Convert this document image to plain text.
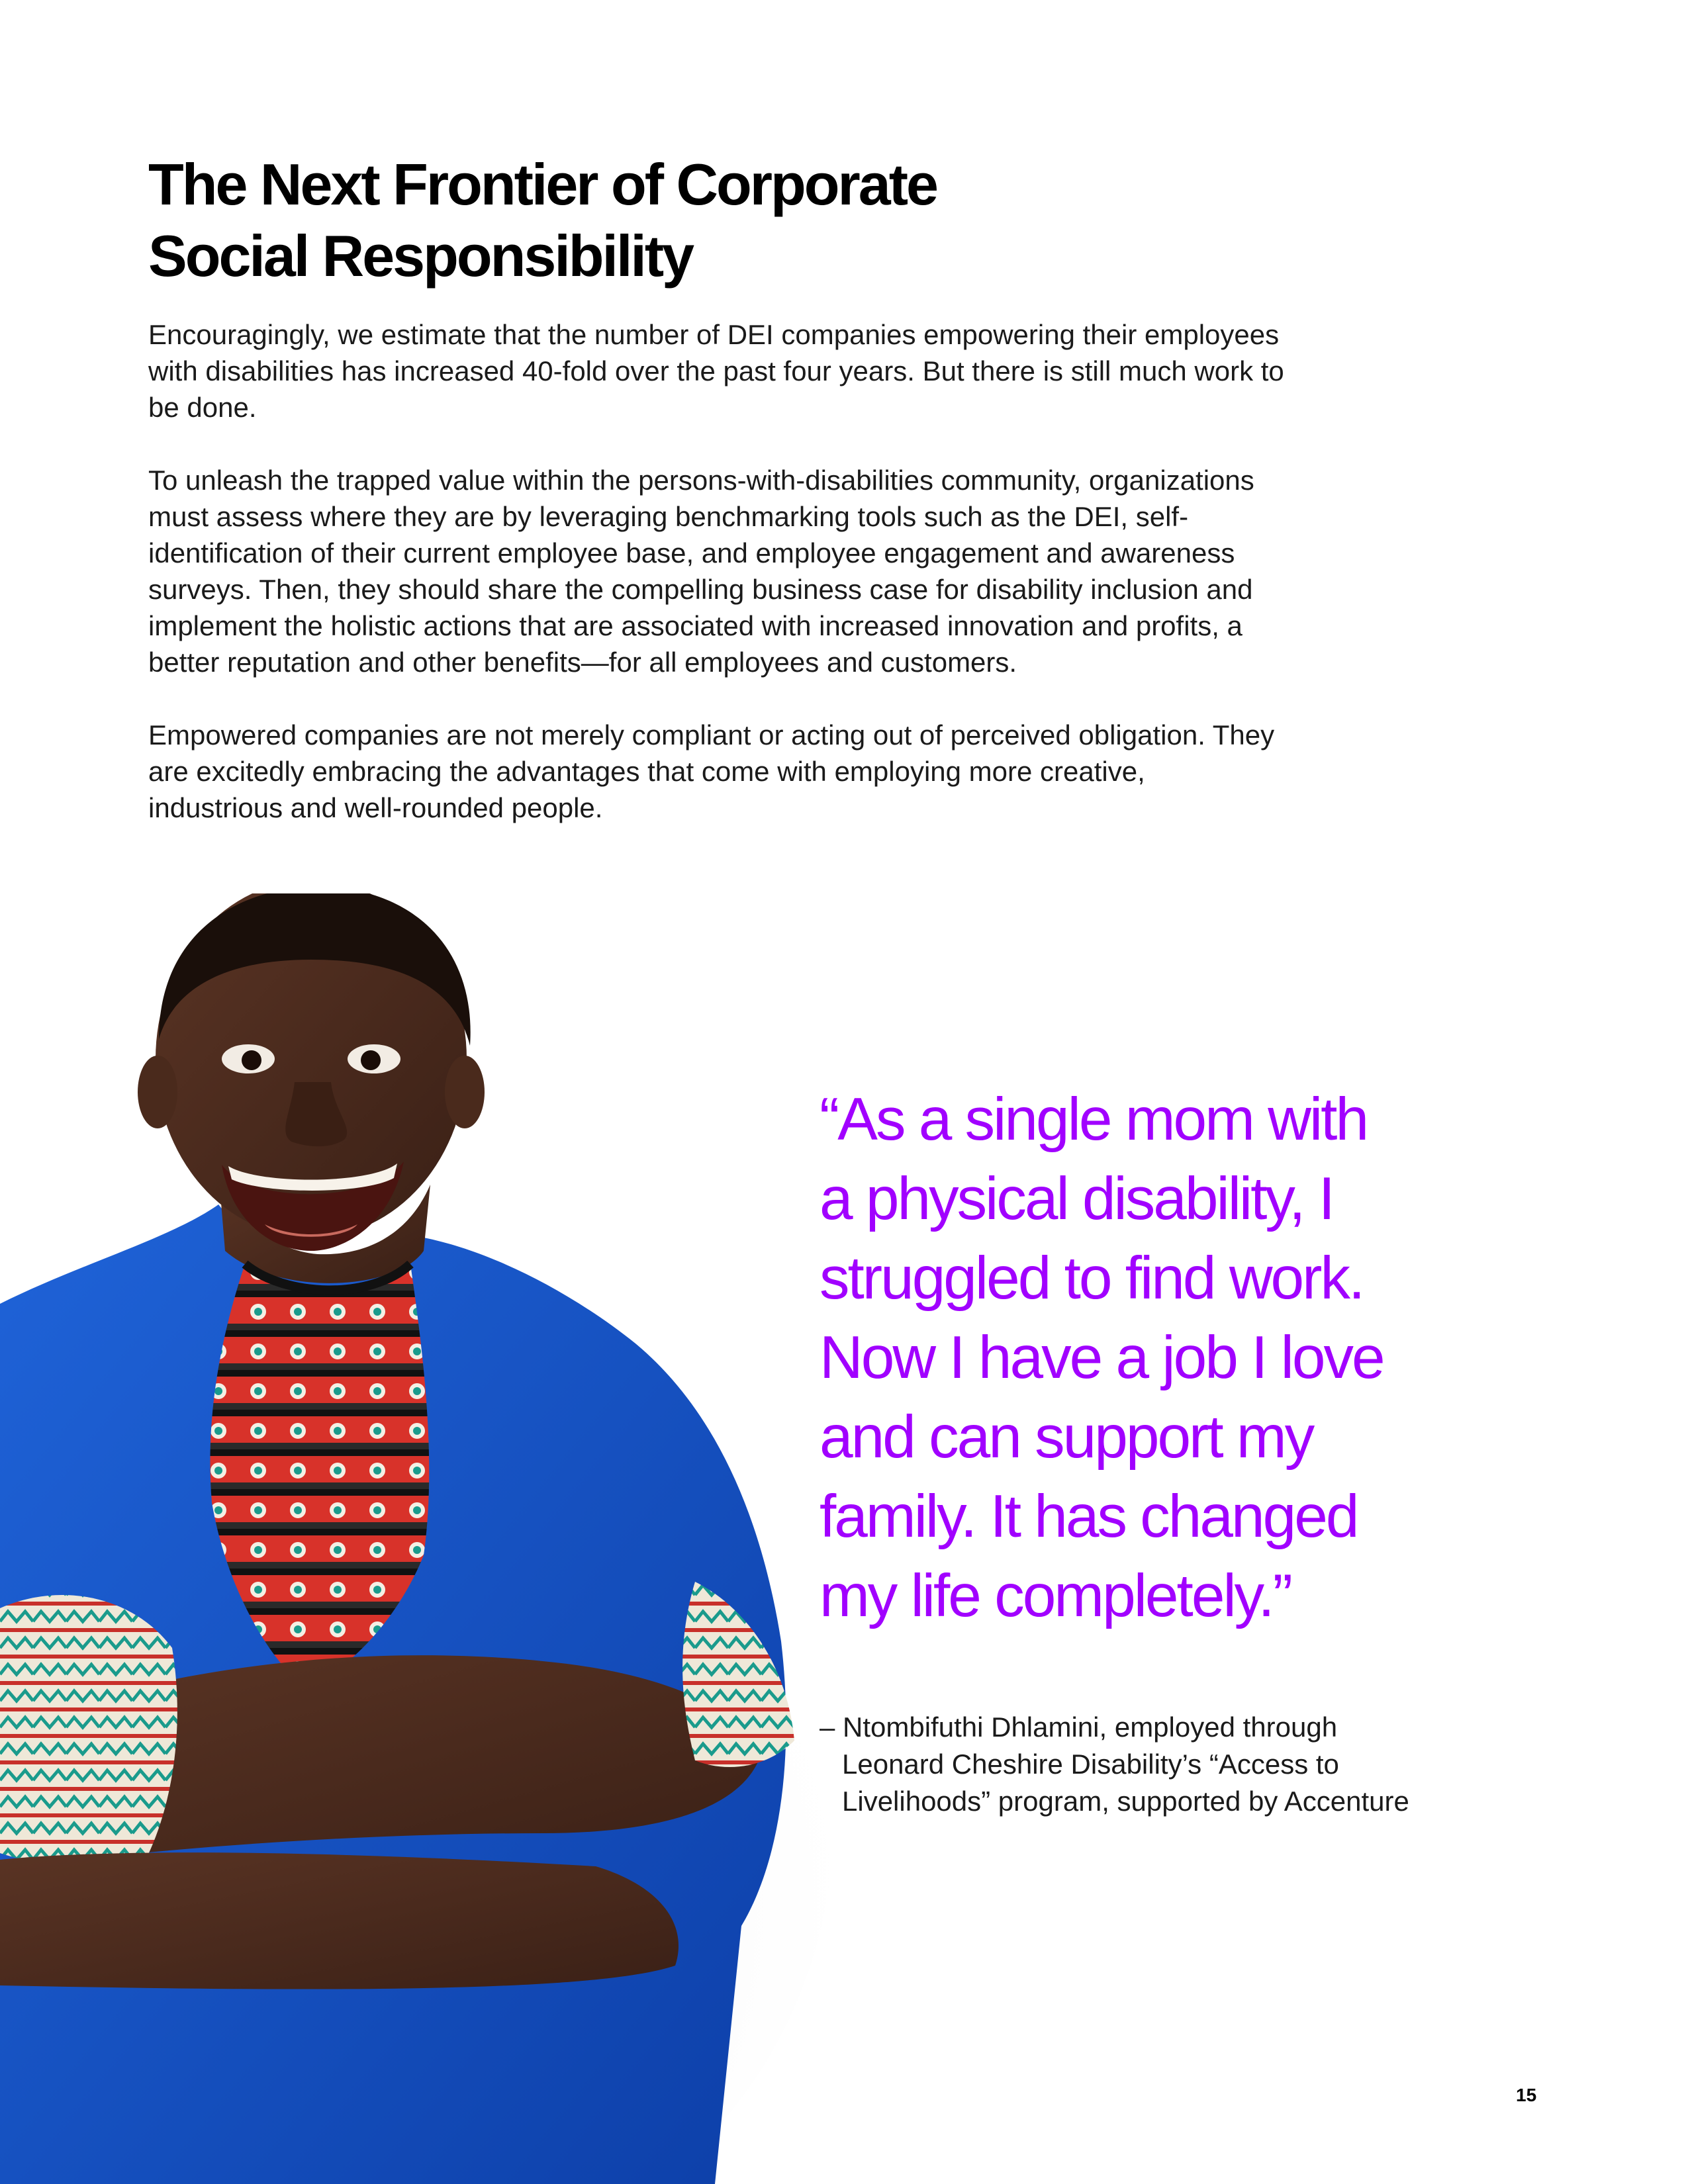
The Next Frontier of Corporate
Social Responsibility

Encouragingly, we estimate that the number of DEI companies empowering their employees with disabilities has increased 40-fold over the past four years. But there is still much work to be done.

To unleash the trapped value within the persons-with-disabilities community, organizations must assess where they are by leveraging benchmarking tools such as the DEI, self-identification of their current employee base, and employee engagement and awareness surveys. Then, they should share the compelling business case for disability inclusion and implement the holistic actions that are associated with increased innovation and profits, a better reputation and other benefits—for all employees and customers.

Empowered companies are not merely compliant or acting out of perceived obligation. They are excitedly embracing the advantages that come with employing more creative, industrious and well-rounded people.

“As a single mom with
a physical disability, I
struggled to find work.
Now I have a job I love
and can support my
family. It has changed
my life completely.”
– Ntombifuthi Dhlamini, employed through
Leonard Cheshire Disability’s “Access to
Livelihoods” program, supported by Accenture
15
